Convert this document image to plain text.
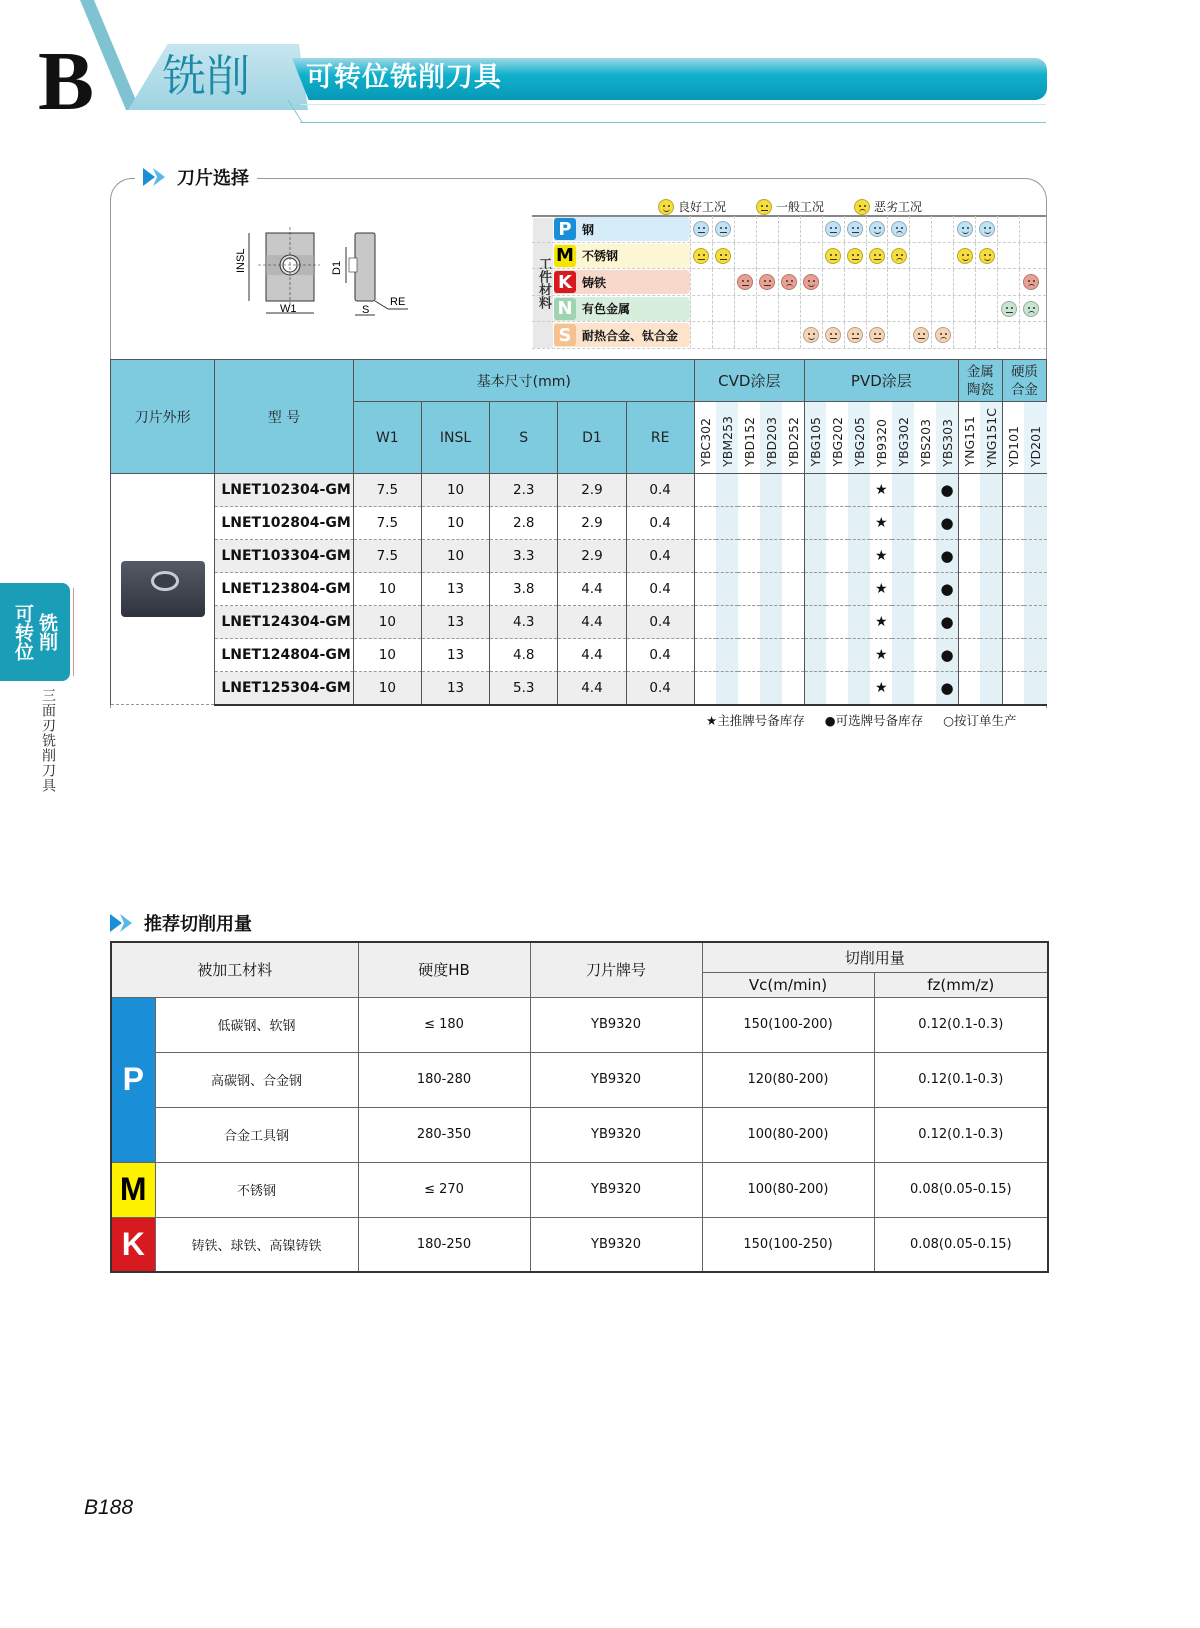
B 铣削 可转位铣削刀具
可转位 铣削
三面刃铣削刀具
刀片选择
INSL
W1
D1
S
RE
良好工况	一般工况	恶劣工况
工件材料
P 钢
M 不锈钢
K 铸铁
N 有色金属
S 耐热合金、钛合金
刀片外形	型 号	基本尺寸(mm)					CVD涂层					PVD涂层							金属陶瓷		硬质合金	
		W1	INSL	S	D1	RE	YBC302	YBM253	YBD152	YBD203	YBD252	YBG105	YBG202	YBG205	YB9320	YBG302	YBS203	YBS303	YNG151	YNG151C	YD101	YD201

	LNET102304-GM	7.5	10	2.3	2.9	0.4									★			●				
	LNET102804-GM	7.5	10	2.8	2.9	0.4									★			●				
	LNET103304-GM	7.5	10	3.3	2.9	0.4									★			●				
	LNET123804-GM	10	13	3.8	4.4	0.4									★			●				
	LNET124304-GM	10	13	4.3	4.4	0.4									★			●				
	LNET124804-GM	10	13	4.8	4.4	0.4									★			●				
	LNET125304-GM	10	13	5.3	4.4	0.4									★			●				
★主推牌号备库存 ●可选牌号备库存 ○按订单生产
推荐切削用量
被加工材料		硬度HB	刀片牌号	切削用量	
				Vc(m/min)	fz(mm/z)
P	低碳钢、软钢	≤ 180	YB9320	150(100-200)	0.12(0.1-0.3)
	高碳钢、合金钢	180-280	YB9320	120(80-200)	0.12(0.1-0.3)
	合金工具钢	280-350	YB9320	100(80-200)	0.12(0.1-0.3)
M	不锈钢	≤ 270	YB9320	100(80-200)	0.08(0.05-0.15)
K	铸铁、球铁、高镍铸铁	180-250	YB9320	150(100-250)	0.08(0.05-0.15)
B188
